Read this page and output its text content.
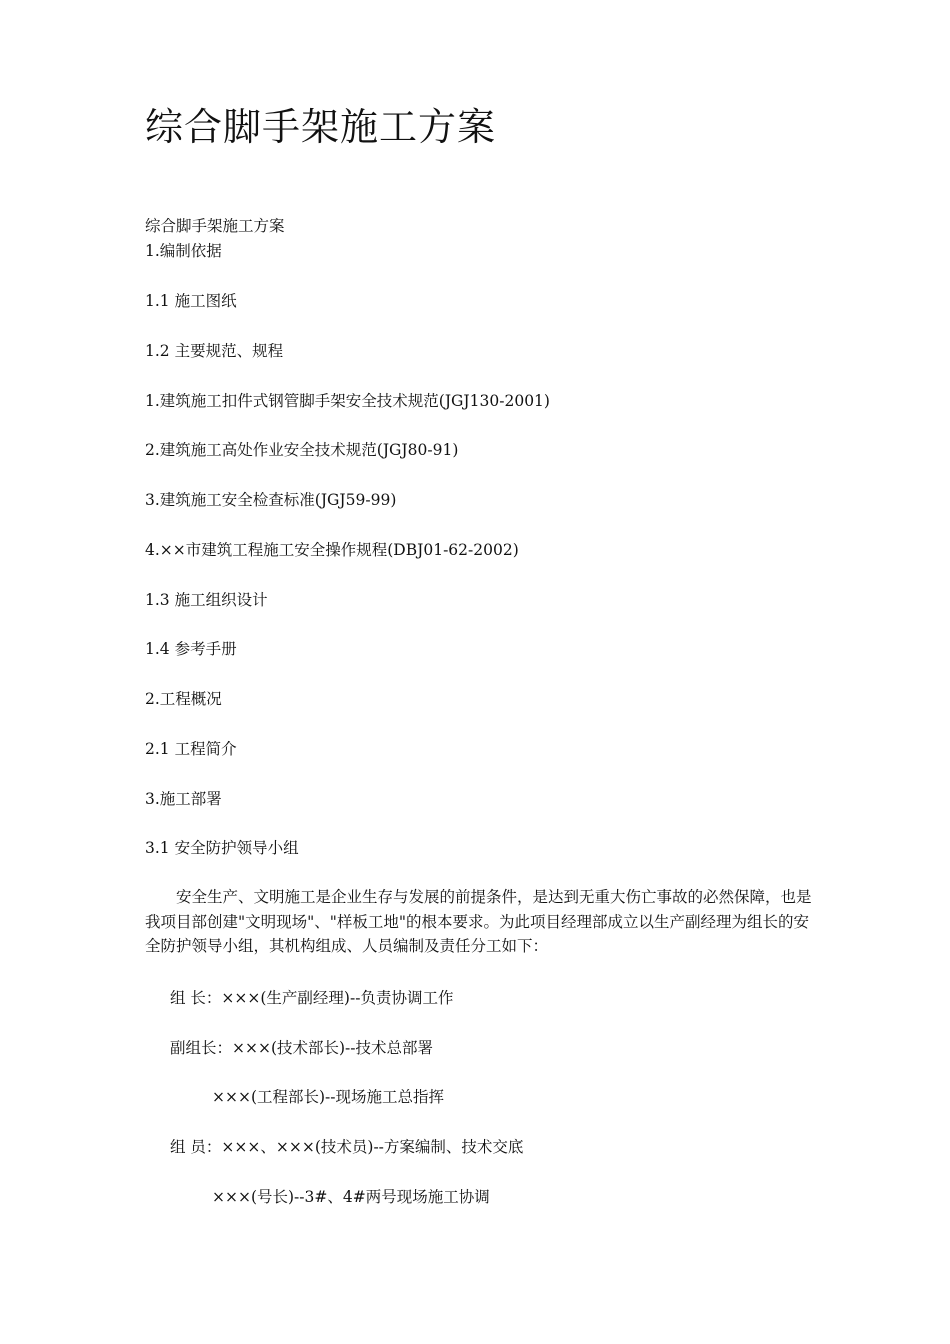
综合脚手架施工方案
综合脚手架施工方案
1.编制依据
1.1 施工图纸
1.2 主要规范、规程
1.建筑施工扣件式钢管脚手架安全技术规范(JGJ130-2001)
2.建筑施工高处作业安全技术规范(JGJ80-91)
3.建筑施工安全检查标准(JGJ59-99)
4.××市建筑工程施工安全操作规程(DBJ01-62-2002)
1.3 施工组织设计
1.4 参考手册
2.工程概况
2.1 工程简介
3.施工部署
3.1 安全防护领导小组

安全生产、文明施工是企业生存与发展的前提条件，是达到无重大伤亡事故的必然保障，也是我项目部创建"文明现场"、"样板工地"的根本要求。为此项目经理部成立以生产副经理为组长的安全防护领导小组，其机构组成、人员编制及责任分工如下：

组 长：×××(生产副经理)--负责协调工作
副组长：×××(技术部长)--技术总部署
×××(工程部长)--现场施工总指挥
组 员：×××、×××(技术员)--方案编制、技术交底
×××(号长)--3#、4#两号现场施工协调
